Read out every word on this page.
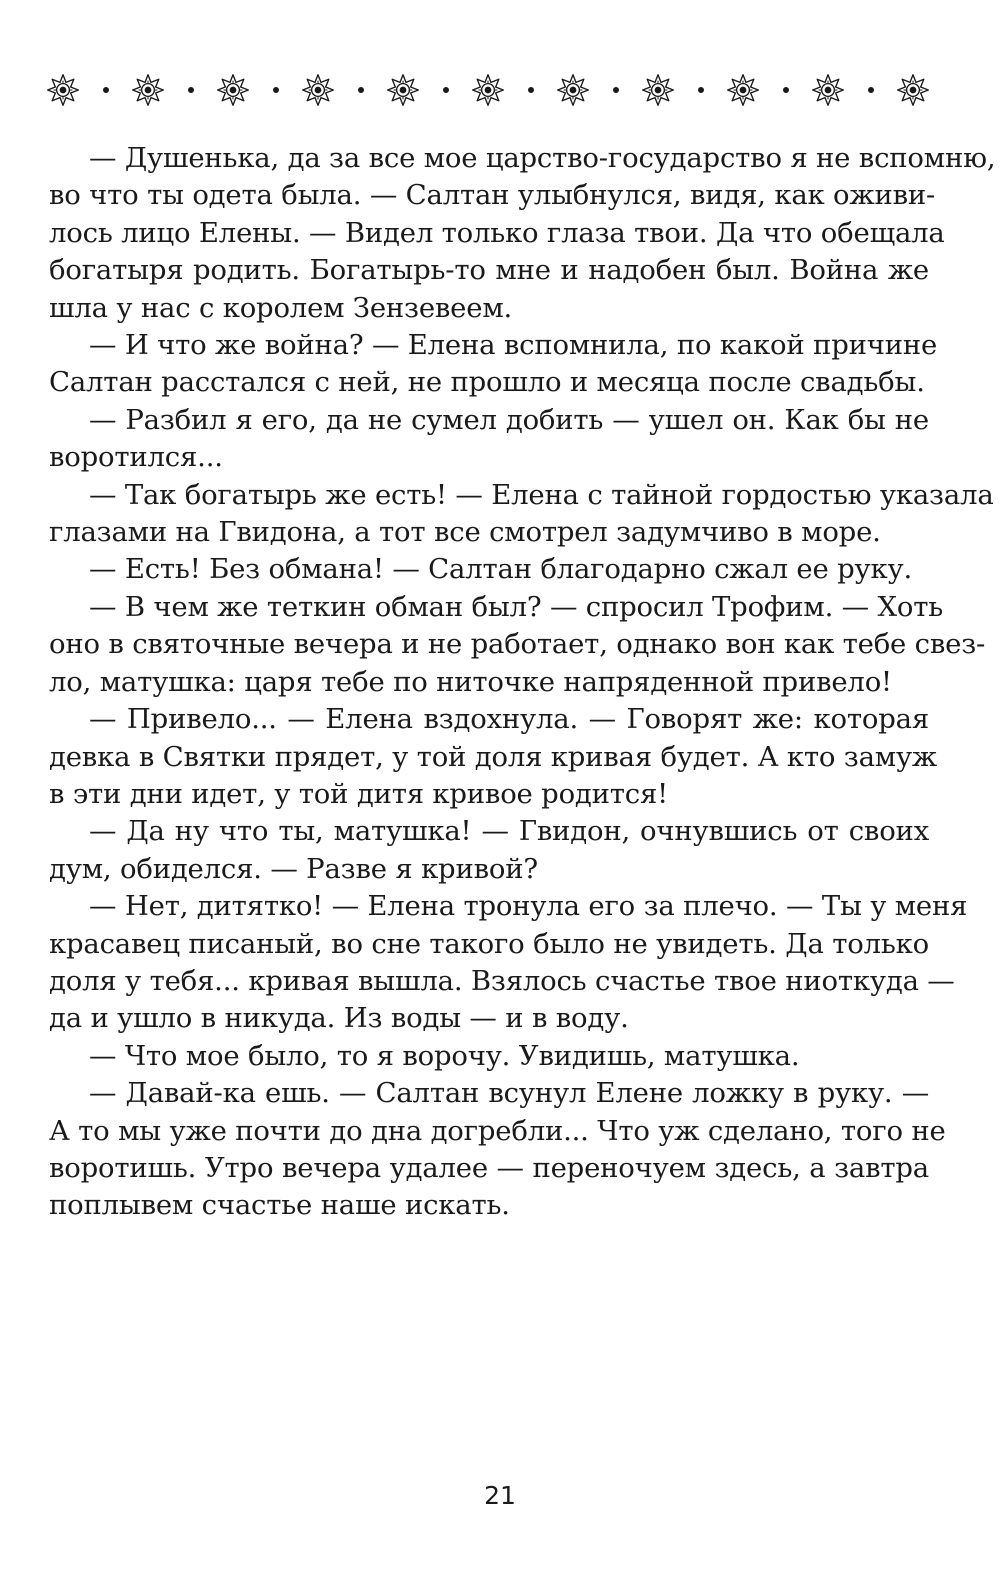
— Душенька, да за все мое царство-государство я не вспомню,
во что ты одета была. — Салтан улыбнулся, видя, как оживи-
лось лицо Елены. — Видел только глаза твои. Да что обещала
богатыря родить. Богатырь-то мне и надобен был. Война же
шла у нас с королем Зензевеем.
— И что же война? — Елена вспомнила, по какой причине
Салтан расстался с ней, не прошло и месяца после свадьбы.
— Разбил я его, да не сумел добить — ушел он. Как бы не
воротился...
— Так богатырь же есть! — Елена с тайной гордостью указала
глазами на Гвидона, а тот все смотрел задумчиво в море.
— Есть! Без обмана! — Салтан благодарно сжал ее руку.
— В чем же теткин обман был? — спросил Трофим. — Хоть
оно в святочные вечера и не работает, однако вон как тебе свез-
ло, матушка: царя тебе по ниточке напряденной привело!
— Привело... — Елена вздохнула. — Говорят же: которая
девка в Святки прядет, у той доля кривая будет. А кто замуж
в эти дни идет, у той дитя кривое родится!
— Да ну что ты, матушка! — Гвидон, очнувшись от своих
дум, обиделся. — Разве я кривой?
— Нет, дитятко! — Елена тронула его за плечо. — Ты у меня
красавец писаный, во сне такого было не увидеть. Да только
доля у тебя... кривая вышла. Взялось счастье твое ниоткуда —
да и ушло в никуда. Из воды — и в воду.
— Что мое было, то я ворочу. Увидишь, матушка.
— Давай-ка ешь. — Салтан всунул Елене ложку в руку. —
А то мы уже почти до дна догребли... Что уж сделано, того не
воротишь. Утро вечера удалее — переночуем здесь, а завтра
поплывем счастье наше искать.
21
